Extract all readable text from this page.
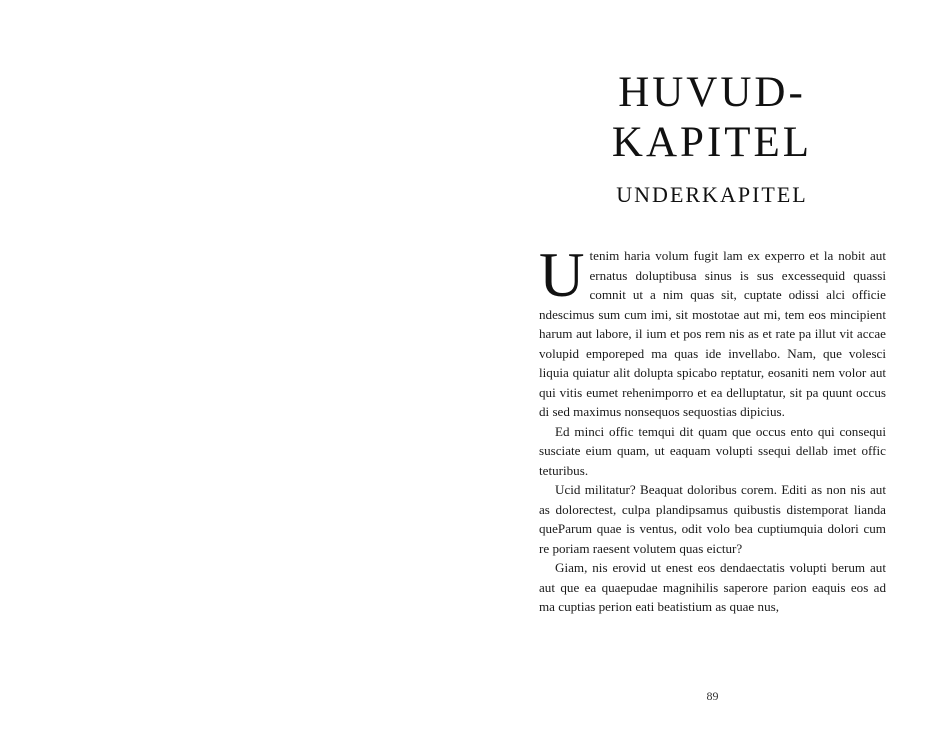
HUVUD-
KAPITEL
UNDERKAPITEL

Utenim haria volum fugit lam ex experro et la nobit aut ernatus doluptibusa sinus is sus excessequid quassi comnit ut a nim quas sit, cuptate odissi alci officie ndescimus sum cum imi, sit mostotae aut mi, tem eos mincipient harum aut labore, il ium et pos rem nis as et rate pa illut vit accae volupid emporeped ma quas ide invellabo. Nam, que volesci liquia quiatur alit dolupta spicabo reptatur, eosaniti nem volor aut qui vitis eumet rehenimporro et ea delluptatur, sit pa quunt occus di sed maximus nonsequos sequostias dipicius.

Ed minci offic temqui dit quam que occus ento qui consequi susciate eium quam, ut eaquam volupti ssequi dellab imet offic teturibus.

Ucid militatur? Beaquat doloribus corem. Editi as non nis aut as dolorectest, culpa plandipsamus quibustis distemporat lianda queParum quae is ventus, odit volo bea cuptiumquia dolori cum re poriam raesent volutem quas eictur?

Giam, nis erovid ut enest eos dendaectatis volupti berum aut aut que ea quaepudae magnihilis saperore parion eaquis eos ad ma cuptias perion eati beatistium as quae nus,

89
